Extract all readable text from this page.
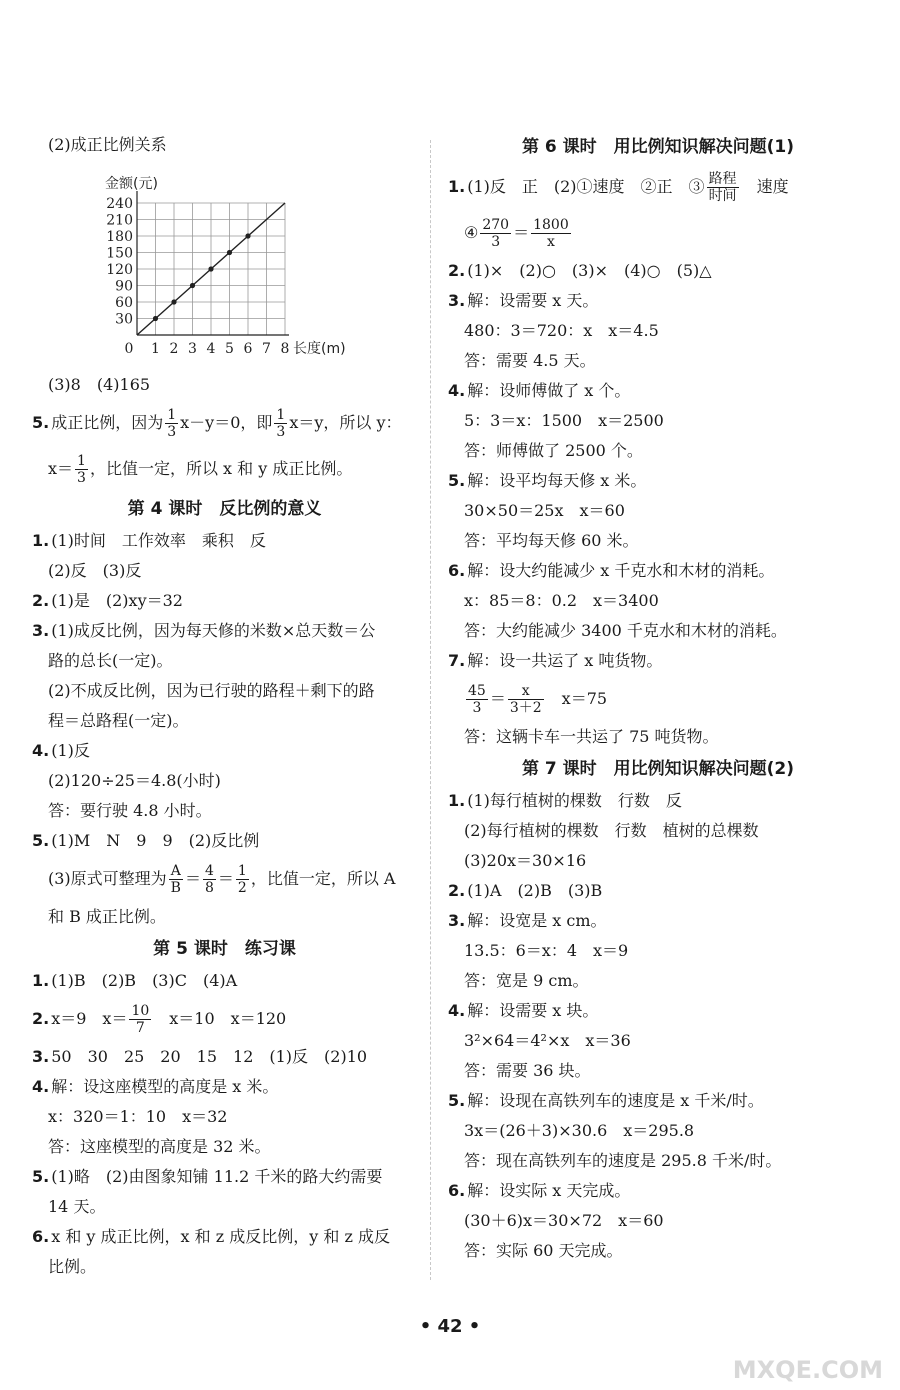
(2)成正比例关系
30
60
90
120
150
180
210
240
0 1 2 3 4 5 6 7 8
金额(元)
长度(m)
(3)8　(4)165
5. 成正比例，因为 $\frac{1}{3} x-y=0$，即 $\frac{1}{3} x=y$，所以 y：
$x= \frac{1}{3}$ ，比值一定，所以 x 和 y 成正比例。
第 4 课时　反比例的意义
1. (1)时间　工作效率　乘积　反
(2)反　(3)反
2. (1)是　(2)xy＝32
3. (1)成反比例，因为每天修的米数×总天数＝公
路的总长(一定)。
(2)不成反比例，因为已行驶的路程＋剩下的路
程＝总路程(一定)。
4. (1)反
(2)120÷25＝4.8(小时)
答：要行驶 4.8 小时。
5. (1)M　N　9　9　(2)反比例
(3)原式可整理为 $\frac{A}{B} = \frac{4}{8} = \frac{1}{2}$ ，比值一定，所以 A
和 B 成正比例。
第 5 课时　练习课
1. (1)B　(2)B　(3)C　(4)A
2. x＝9　$x= \frac{10}{7}$ 　x＝10　x＝120
3. 50　30　25　20　15　12　(1)反　(2)10
4. 解：设这座模型的高度是 x 米。
x：320＝1：10　x＝32
答：这座模型的高度是 32 米。
5. (1)略　(2)由图象知铺 11.2 千米的路大约需要
14 天。
6. x 和 y 成正比例，x 和 z 成反比例，y 和 z 成反
比例。
第 6 课时　用比例知识解决问题(1)
1. (1)反　正　(2)①速度　②正　③ $\frac{\text{路程}}{\text{时间}}$ 　速度
④ $\frac{270}{3} = \frac{1800}{x}$
2. (1)×　(2)○　(3)×　(4)○　(5)△
3. 解：设需要 x 天。
480：3＝720：x　x＝4.5
答：需要 4.5 天。
4. 解：设师傅做了 x 个。
5：3＝x：1500　x＝2500
答：师傅做了 2500 个。
5. 解：设平均每天修 x 米。
30×50＝25x　x＝60
答：平均每天修 60 米。
6. 解：设大约能减少 x 千克水和木材的消耗。
x：85＝8：0.2　x＝3400
答：大约能减少 3400 千克水和木材的消耗。
7. 解：设一共运了 x 吨货物。
$\frac{45}{3} = \frac{x}{3+2}$ 　x＝75
答：这辆卡车一共运了 75 吨货物。
第 7 课时　用比例知识解决问题(2)
1. (1)每行植树的棵数　行数　反
(2)每行植树的棵数　行数　植树的总棵数
(3)20x＝30×16
2. (1)A　(2)B　(3)B
3. 解：设宽是 x cm。
13.5：6＝x：4　x＝9
答：宽是 9 cm。
4. 解：设需要 x 块。
3²×64＝4²×x　x＝36
答：需要 36 块。
5. 解：设现在高铁列车的速度是 x 千米/时。
3x＝(26＋3)×30.6　x＝295.8
答：现在高铁列车的速度是 295.8 千米/时。
6. 解：设实际 x 天完成。
(30＋6)x＝30×72　x＝60
答：实际 60 天完成。
• 42 •
MXQE.COM
